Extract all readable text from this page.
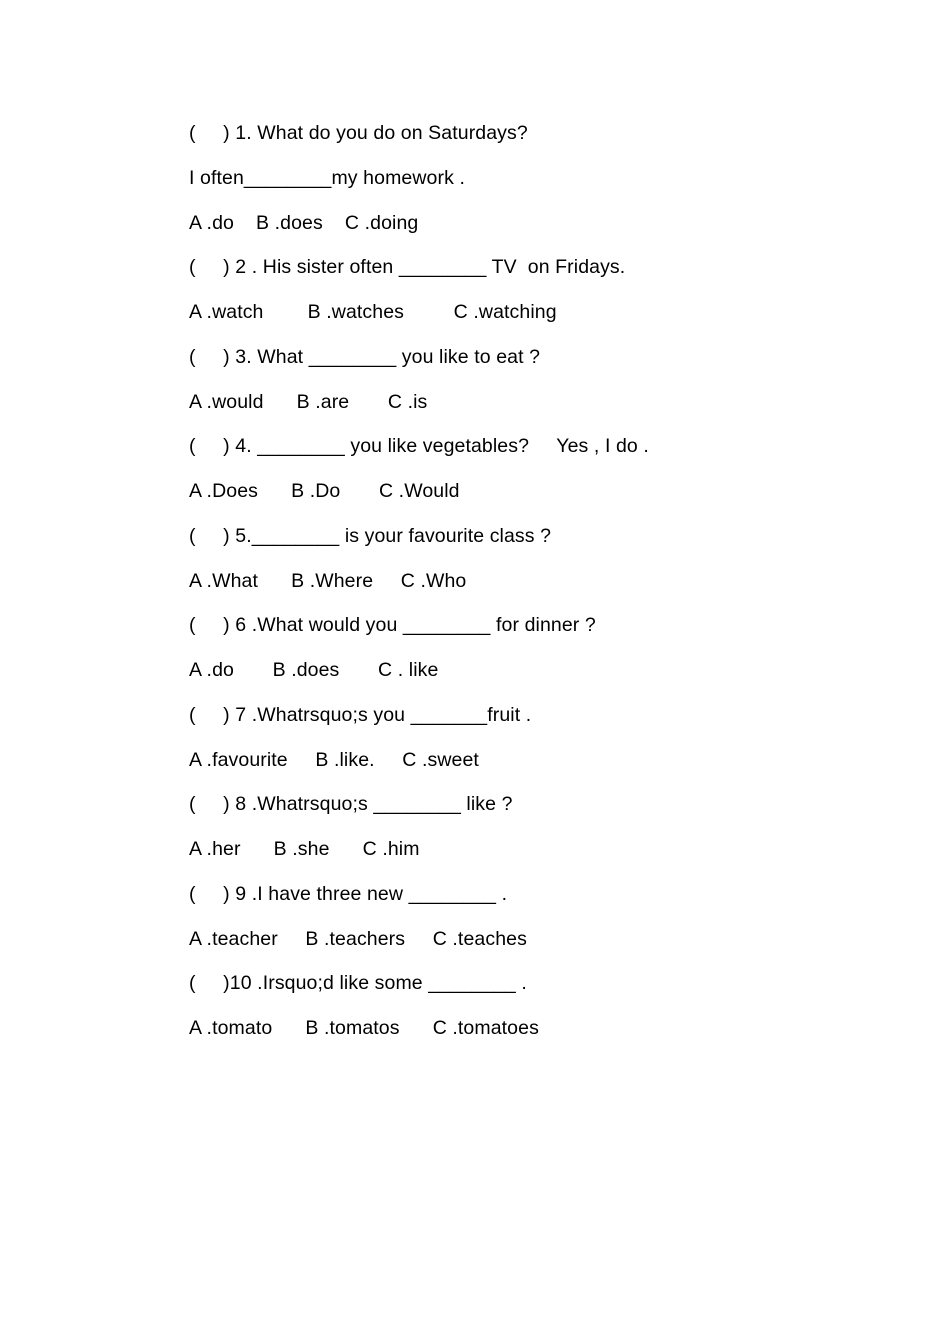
(     ) 1. What do you do on Saturdays?
I often________my homework .
A .do    B .does    C .doing
(     ) 2 . His sister often ________ TV  on Fridays.
A .watch        B .watches         C .watching
(     ) 3. What ________ you like to eat ?
A .would      B .are       C .is
(     ) 4. ________ you like vegetables?     Yes , I do .
A .Does      B .Do       C .Would
(     ) 5.________ is your favourite class ?
A .What      B .Where     C .Who
(     ) 6 .What would you ________ for dinner ?
A .do       B .does       C . like
(     ) 7 .Whatrsquo;s you _______fruit .
A .favourite     B .like.     C .sweet
(     ) 8 .Whatrsquo;s ________ like ?
A .her      B .she      C .him
(     ) 9 .I have three new ________ .
A .teacher     B .teachers     C .teaches
(     )10 .Irsquo;d like some ________ .
A .tomato      B .tomatos      C .tomatoes
